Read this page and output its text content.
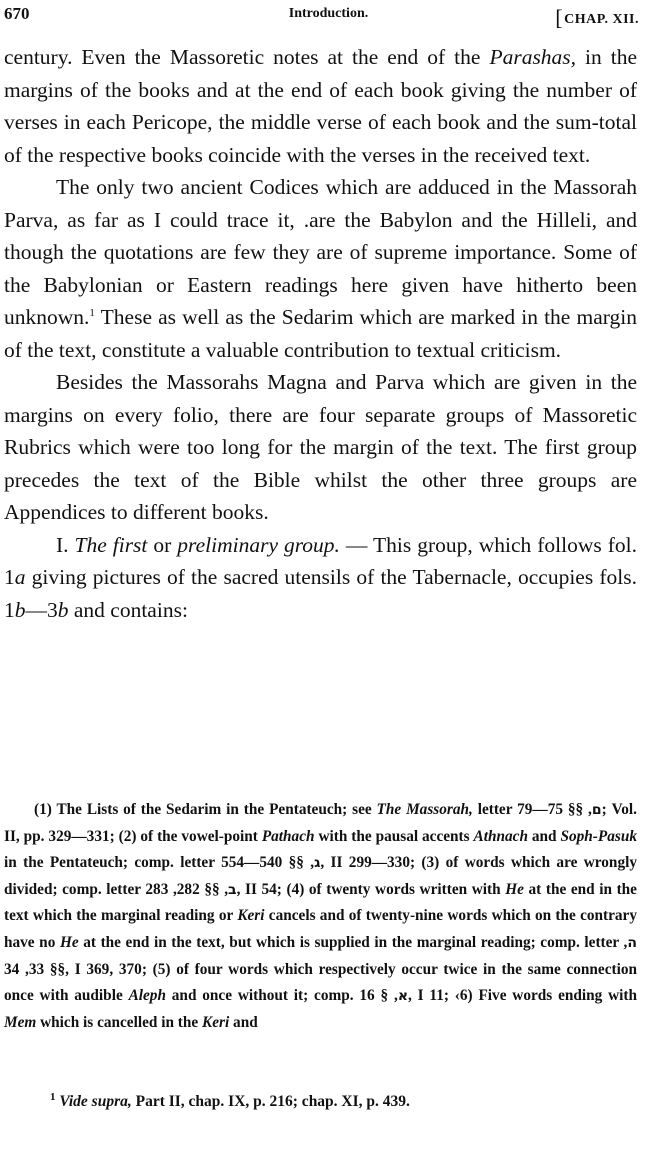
670	Introduction.	[CHAP. XII.

century. Even the Massoretic notes at the end of the Parashas, in the margins of the books and at the end of each book giving the number of verses in each Pericope, the middle verse of each book and the sum-total of the respective books coincide with the verses in the received text.

The only two ancient Codices which are adduced in the Massorah Parva, as far as I could trace it, .are the Babylon and the Hilleli, and though the quotations are few they are of supreme importance. Some of the Babylonian or Eastern readings here given have hitherto been unknown.$^1$ These as well as the Sedarim which are marked in the margin of the text, constitute a valuable contribution to textual criticism.

Besides the Massorahs Magna and Parva which are given in the margins on every folio, there are four separate groups of Massoretic Rubrics which were too long for the margin of the text. The first group precedes the text of the Bible whilst the other three groups are Appendices to different books.

I. The first or preliminary group. — This group, which follows fol. 1a giving pictures of the sacred utensils of the Tabernacle, occupies fols. 1b—3b and contains:

(1) The Lists of the Sedarim in the Pentateuch; see The Massorah, letter	ם, §§ 75—79; Vol. II, pp. 329—331; (2) of the vowel-point Pathach with the pausal accents Athnach and Soph-Pasuk in the Pentateuch; comp. letter	ג, §§ 540—554, II 299—330; (3) of words which are wrongly divided; comp. letter	ב, §§ 282, 283, II 54; (4) of twenty words written with He at the end in the text which the marginal reading or Keri cancels and of twenty-nine words which on the contrary have no He at the end in the text, but which is supplied in the marginal reading; comp. letter ה, §§ 33, 34, I 369, 370; (5) of four words which respectively occur twice in the same connection once with audible Aleph and once without it; comp.	א, § 16, I 11; ‹6) Five words ending with Mem which is cancelled in the Keri and

$^1$ Vide supra, Part II, chap. IX, p. 216; chap. XI, p. 439.
